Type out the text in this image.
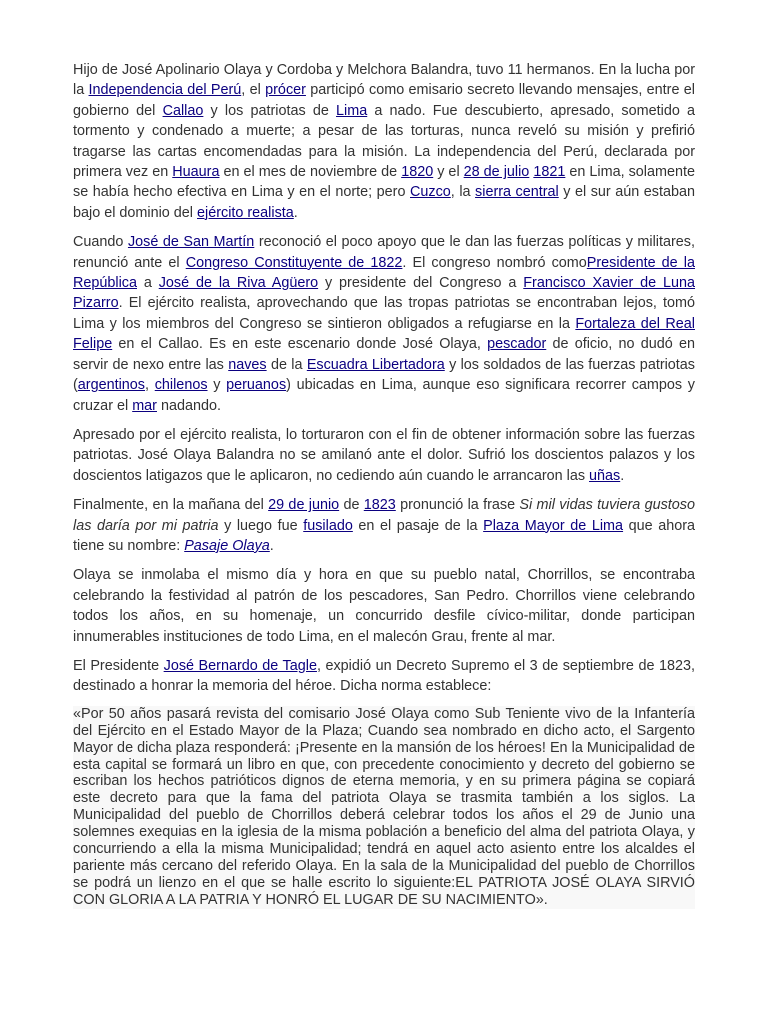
Hijo de José Apolinario Olaya y Cordoba y Melchora Balandra, tuvo 11 hermanos. En la lucha por la Independencia del Perú, el prócer participó como emisario secreto llevando mensajes, entre el gobierno del Callao y los patriotas de Lima a nado. Fue descubierto, apresado, sometido a tormento y condenado a muerte; a pesar de las torturas, nunca reveló su misión y prefirió tragarse las cartas encomendadas para la misión. La independencia del Perú, declarada por primera vez en Huaura en el mes de noviembre de 1820 y el 28 de julio 1821 en Lima, solamente se había hecho efectiva en Lima y en el norte; pero Cuzco, la sierra central y el sur aún estaban bajo el dominio del ejército realista.

Cuando José de San Martín reconoció el poco apoyo que le dan las fuerzas políticas y militares, renunció ante el Congreso Constituyente de 1822. El congreso nombró comoPresidente de la República a José de la Riva Agüero y presidente del Congreso a Francisco Xavier de Luna Pizarro. El ejército realista, aprovechando que las tropas patriotas se encontraban lejos, tomó Lima y los miembros del Congreso se sintieron obligados a refugiarse en la Fortaleza del Real Felipe en el Callao. Es en este escenario donde José Olaya, pescador de oficio, no dudó en servir de nexo entre las naves de la Escuadra Libertadora y los soldados de las fuerzas patriotas (argentinos, chilenos y peruanos) ubicadas en Lima, aunque eso significara recorrer campos y cruzar el mar nadando.

Apresado por el ejército realista, lo torturaron con el fin de obtener información sobre las fuerzas patriotas. José Olaya Balandra no se amilanó ante el dolor. Sufrió los doscientos palazos y los doscientos latigazos que le aplicaron, no cediendo aún cuando le arrancaron las uñas.

Finalmente, en la mañana del 29 de junio de 1823 pronunció la frase Si mil vidas tuviera gustoso las daría por mi patria y luego fue fusilado en el pasaje de la Plaza Mayor de Lima que ahora tiene su nombre: Pasaje Olaya.

Olaya se inmolaba el mismo día y hora en que su pueblo natal, Chorrillos, se encontraba celebrando la festividad al patrón de los pescadores, San Pedro. Chorrillos viene celebrando todos los años, en su homenaje, un concurrido desfile cívico-militar, donde participan innumerables instituciones de todo Lima, en el malecón Grau, frente al mar.

El Presidente José Bernardo de Tagle, expidió un Decreto Supremo el 3 de septiembre de 1823, destinado a honrar la memoria del héroe. Dicha norma establece:

«Por 50 años pasará revista del comisario José Olaya como Sub Teniente vivo de la Infantería del Ejército en el Estado Mayor de la Plaza; Cuando sea nombrado en dicho acto, el Sargento Mayor de dicha plaza responderá: ¡Presente en la mansión de los héroes! En la Municipalidad de esta capital se formará un libro en que, con precedente conocimiento y decreto del gobierno se escriban los hechos patrióticos dignos de eterna memoria, y en su primera página se copiará este decreto para que la fama del patriota Olaya se trasmita también a los siglos. La Municipalidad del pueblo de Chorrillos deberá celebrar todos los años el 29 de Junio una solemnes exequias en la iglesia de la misma población a beneficio del alma del patriota Olaya, y concurriendo a ella la misma Municipalidad; tendrá en aquel acto asiento entre los alcaldes el pariente más cercano del referido Olaya. En la sala de la Municipalidad del pueblo de Chorrillos se podrá un lienzo en el que se halle escrito lo siguiente:EL PATRIOTA JOSÉ OLAYA SIRVIÓ CON GLORIA A LA PATRIA Y HONRÓ EL LUGAR DE SU NACIMIENTO».
